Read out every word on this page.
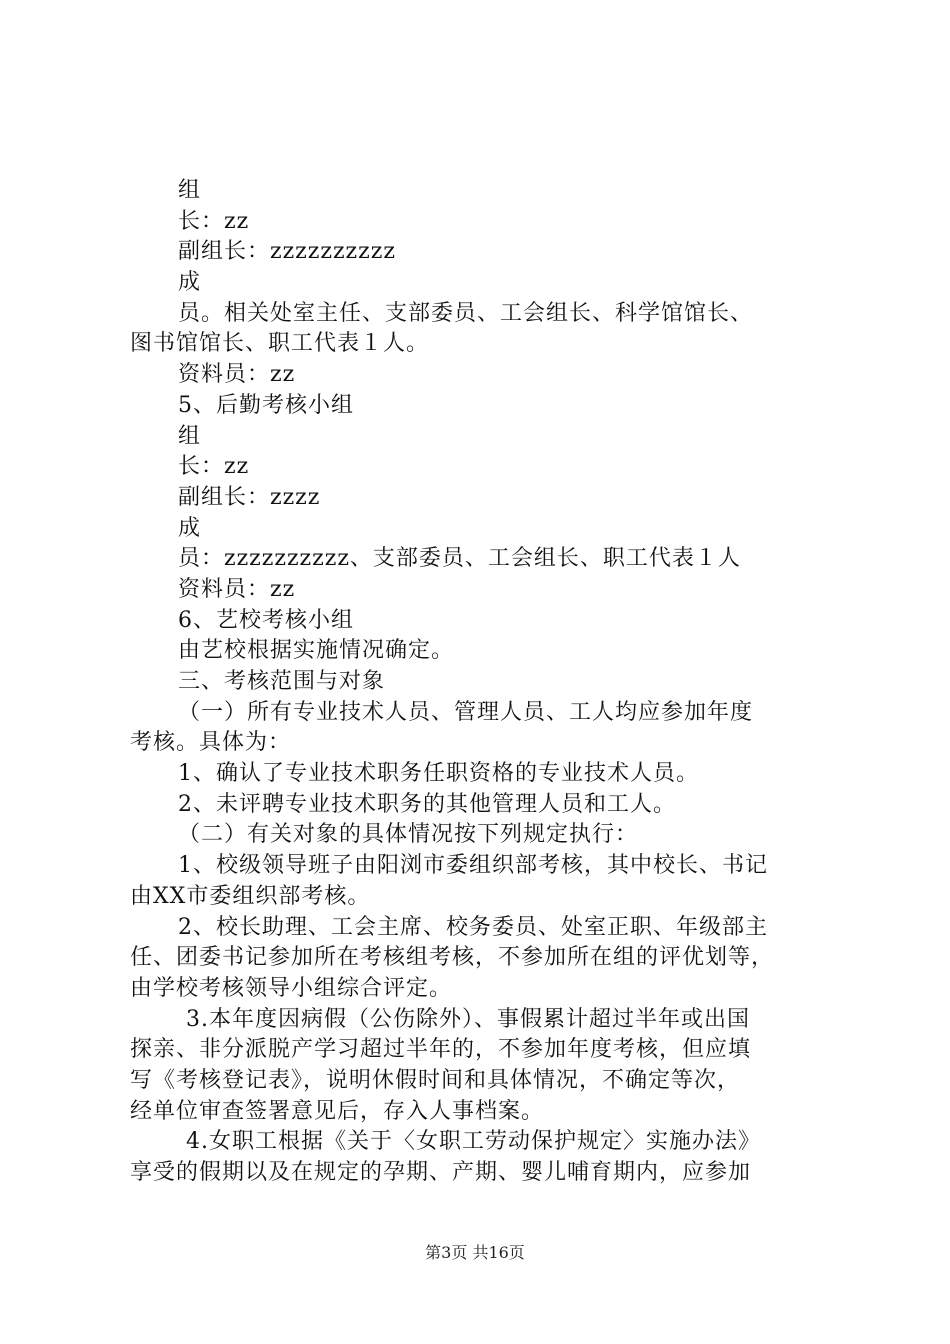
组
长：zz
副组长：zzzzzzzzzz
成
员。相关处室主任、支部委员、工会组长、科学馆馆长、
图书馆馆长、职工代表１人。
资料员：zz
5、后勤考核小组
组
长：zz
副组长：zzzz
成
员：zzzzzzzzzz、支部委员、工会组长、职工代表１人
资料员：zz
6、艺校考核小组
由艺校根据实施情况确定。
三、考核范围与对象
（一）所有专业技术人员、管理人员、工人均应参加年度
考核。具体为：
1、确认了专业技术职务任职资格的专业技术人员。
2、未评聘专业技术职务的其他管理人员和工人。
（二）有关对象的具体情况按下列规定执行：
1、校级领导班子由阳浏市委组织部考核，其中校长、书记
由XX市委组织部考核。
2、校长助理、工会主席、校务委员、处室正职、年级部主
任、团委书记参加所在考核组考核，不参加所在组的评优划等，
由学校考核领导小组综合评定。
3.本年度因病假（公伤除外）、事假累计超过半年或出国
探亲、非分派脱产学习超过半年的，不参加年度考核，但应填
写《考核登记表》，说明休假时间和具体情况，不确定等次，
经单位审查签署意见后，存入人事档案。
4.女职工根据《关于〈女职工劳动保护规定〉实施办法》
享受的假期以及在规定的孕期、产期、婴儿哺育期内，应参加
第3页 共16页
